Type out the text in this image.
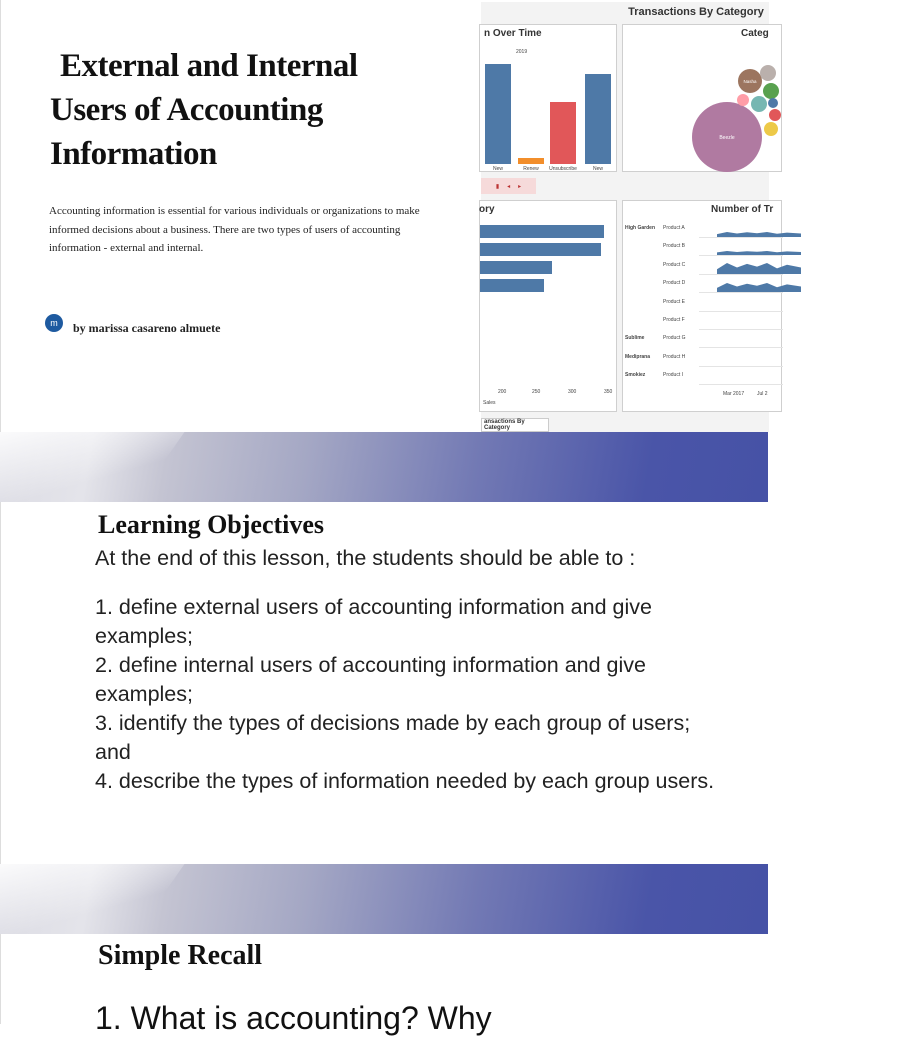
External and Internal
Users of Accounting
Information

Accounting information is essential for various individuals or organizations to make informed decisions about a business. There are two types of users of accounting information - external and internal.

m	by marissa casareno almuete
Transactions By Category
n Over Time
2019
New	Renew	Unsubscribe	New
Categ
Beezle
Nasha
▮ ◂ ▸
ory
200	250	300	350
Sales
Number of Tr
High Garden Product A
Product B
Product C
Product D
Product E
Product F
Sublime	Product G
Mediprana	Product H
Smokiez	Product I
Mar 2017	Jul 2
ansactions By Category
Learning Objectives

At the end of this lesson, the students should be able to :

1. define external users of accounting information and give examples;
2. define internal users of accounting information and give examples;
3. identify the types of decisions made by each group of users; and
4. describe the types of information needed by each group users.
Simple Recall

1. What is accounting? Why
